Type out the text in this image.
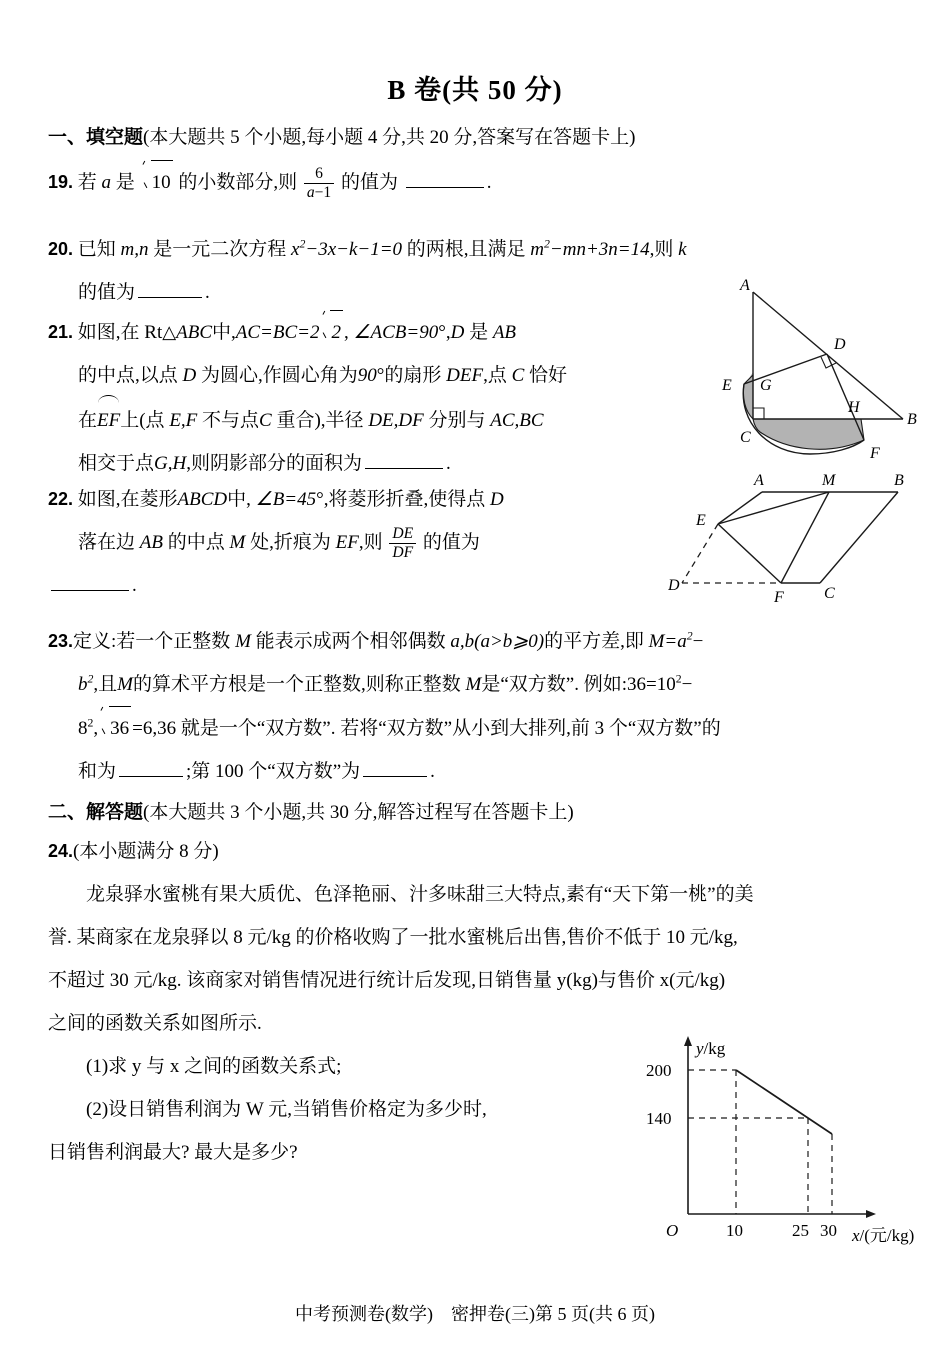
B 卷(共 50 分)
一、填空题(本大题共 5 个小题,每小题 4 分,共 20 分,答案写在答题卡上)
19. 若 a 是 10 的小数部分,则 $\frac{6}{a-1}$ 的值为	.
20. 已知 m,n 是一元二次方程 $x^2-3x-k-1=0$ 的两根,且满足 $m^2-mn+3n=14$,则 k
的值为	.
21. 如图,在 Rt△ABC中,AC=BC=2 2 , ∠ACB=90°,D 是 AB
的中点,以点 D 为圆心,作圆心角为90°的扇形 DEF,点 C 恰好
在EF上(点 E,F 不与点C 重合),半径 DE,DF 分别与 AC,BC
相交于点G,H,则阴影部分的面积为	.
A
D
E G
H
B
C
F
22. 如图,在菱形ABCD中, ∠B=45°,将菱形折叠,使得点 D
落在边 AB 的中点 M 处,折痕为 EF,则 $\frac{DE}{DF}$ 的值为
.
A	M	B
E
D
F	C
23.定义:若一个正整数 M 能表示成两个相邻偶数 a,b(a>b⩾0)的平方差,即 $M=a^2-$
$b^2$,且M的算术平方根是一个正整数,则称正整数 M是“双方数”. 例如$:36=10^2-$
$8^2$, 36 =6,36 就是一个“双方数”. 若将“双方数”从小到大排列,前 3 个“双方数”的
和为	;第 100 个“双方数”为	.
二、解答题(本大题共 3 个小题,共 30 分,解答过程写在答题卡上)
24.(本小题满分 8 分)
龙泉驿水蜜桃有果大质优、色泽艳丽、汁多味甜三大特点,素有“天下第一桃”的美
誉. 某商家在龙泉驿以 8 元/kg 的价格收购了一批水蜜桃后出售,售价不低于 10 元/kg,
不超过 30 元/kg. 该商家对销售情况进行统计后发现,日销售量 y(kg)与售价 x(元/kg)
之间的函数关系如图所示.
(1)求 y 与 x 之间的函数关系式;
(2)设日销售利润为 W 元,当销售价格定为多少时,
日销售利润最大? 最大是多少?
200
140
10	25 30
O
y/kg
x/(元/kg)
中考预测卷(数学)　密押卷(三)第 5 页(共 6 页)
